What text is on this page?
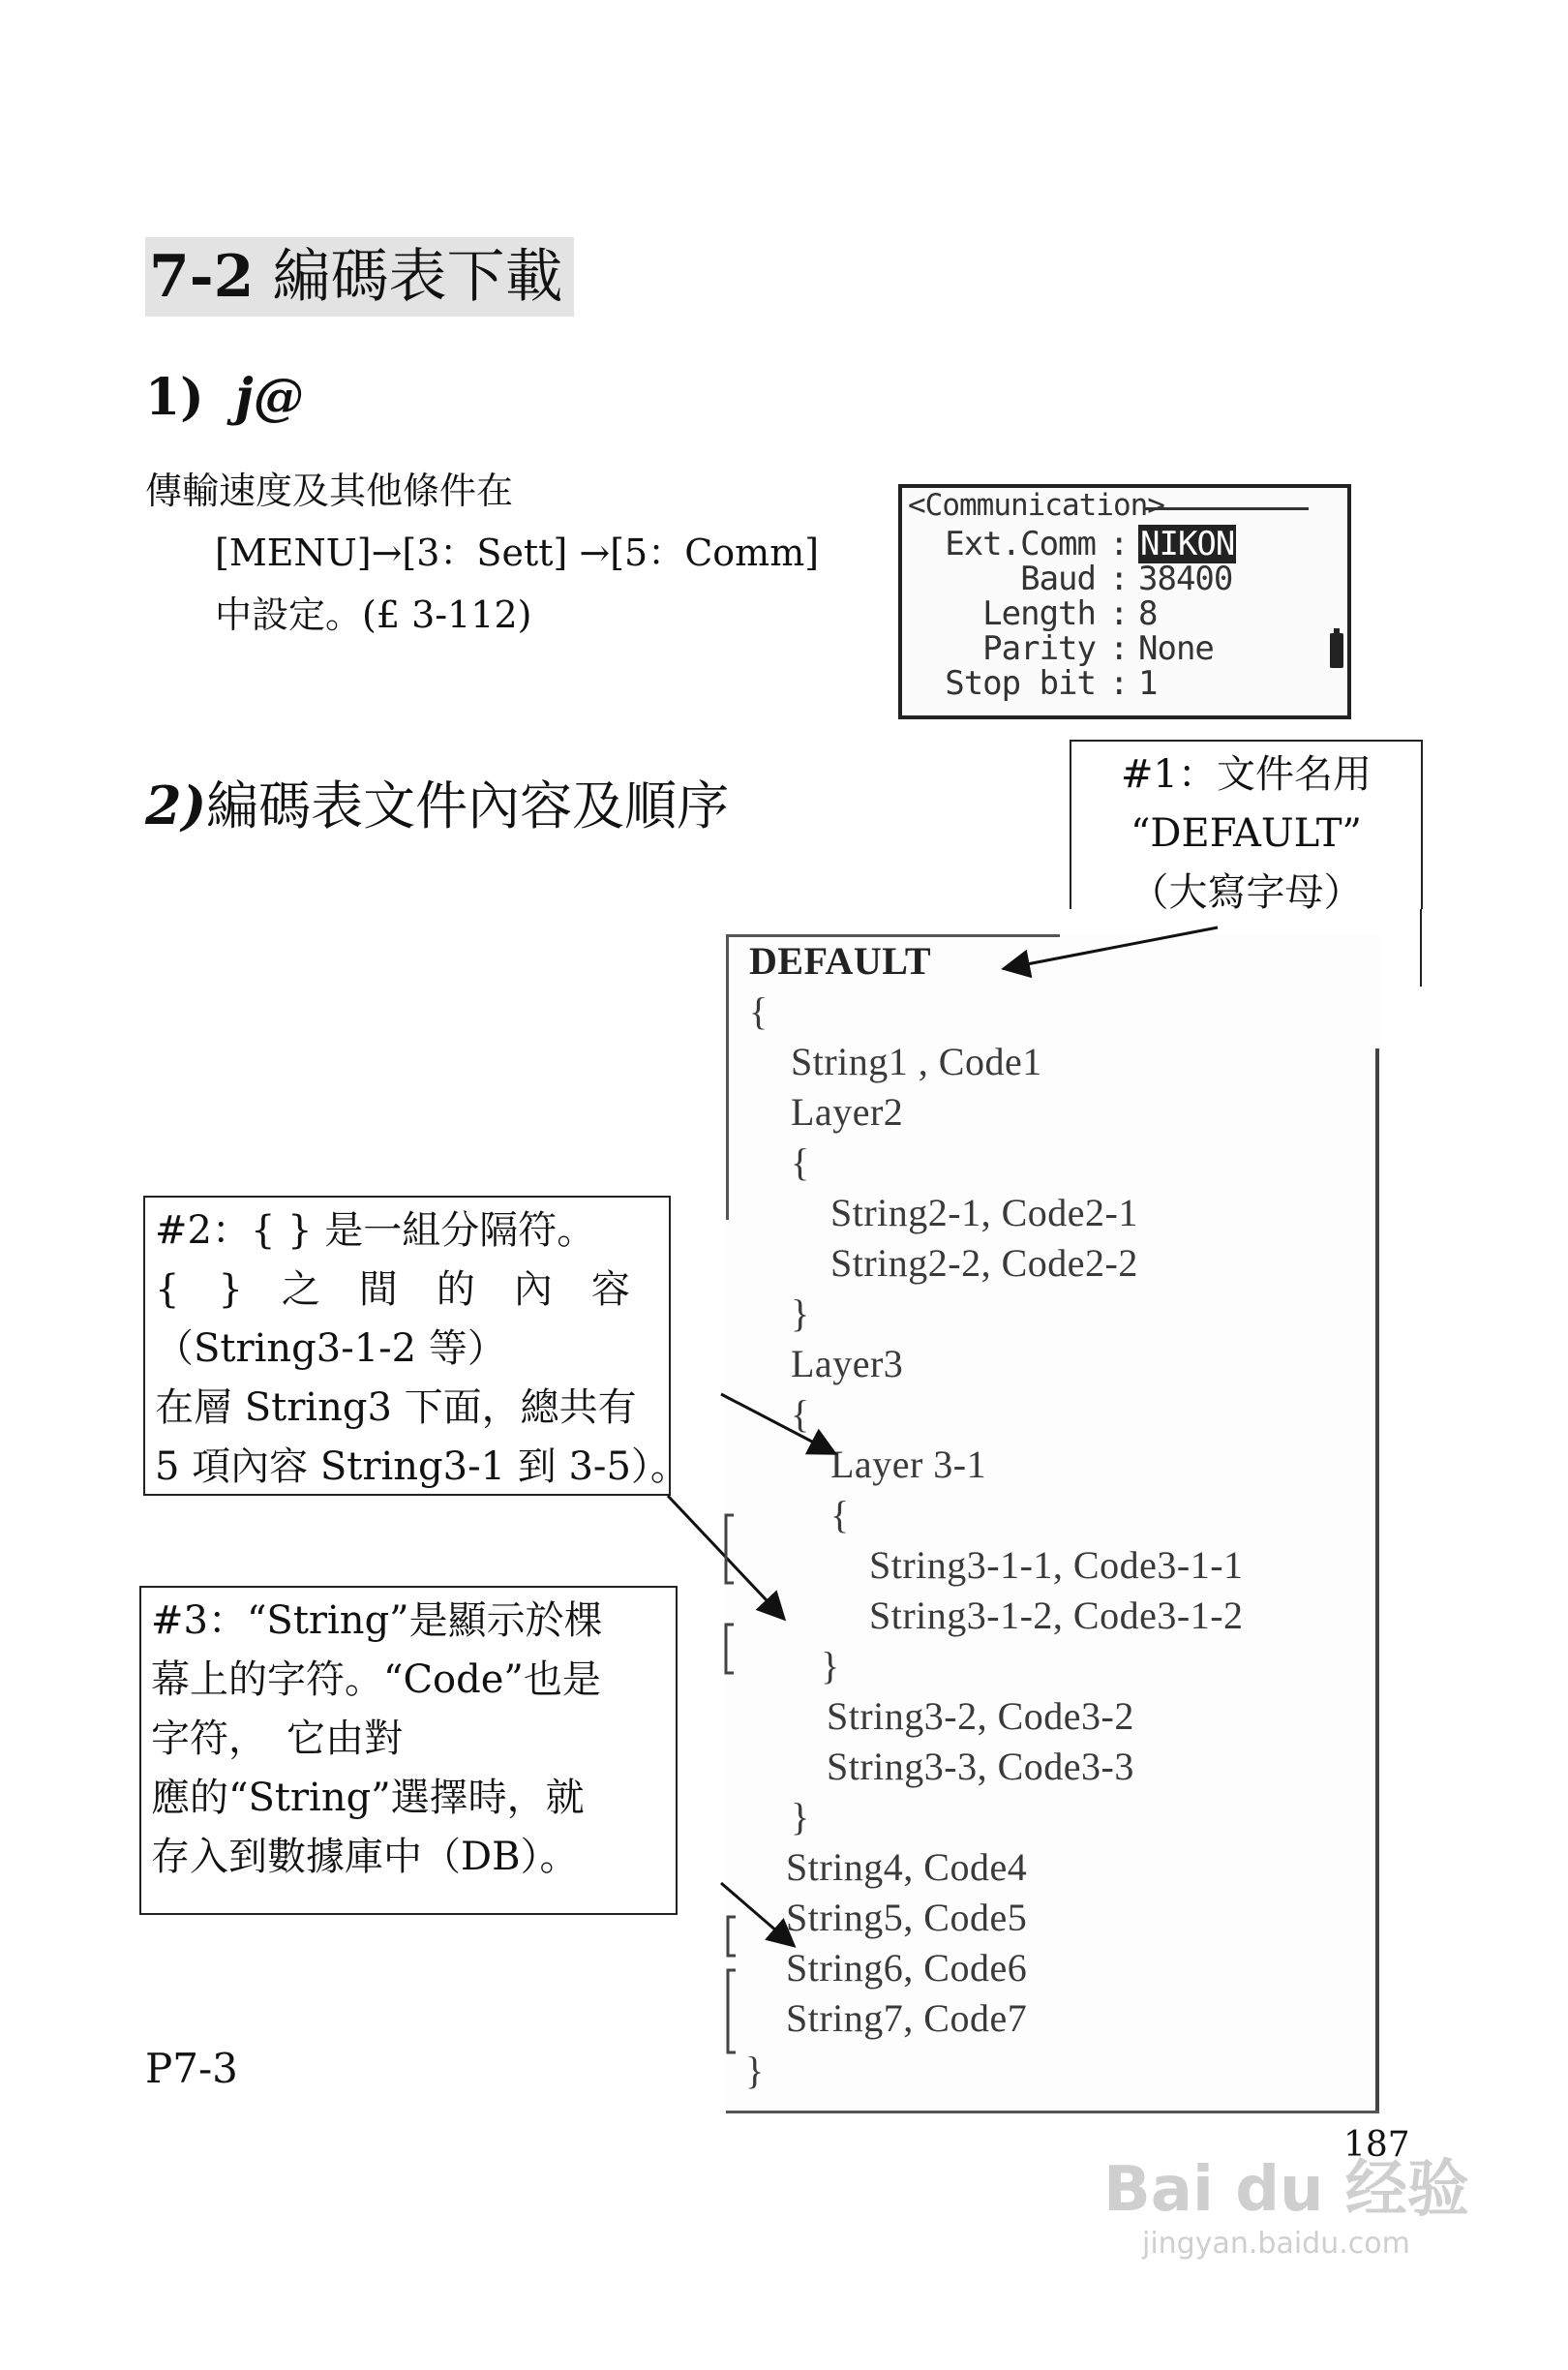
7-2 編碼表下載
1) j@
傳輸速度及其他條件在
[MENU]→[3：Sett] →[5：Comm]
中設定。(£ 3-112)
<Communication>
Ext.Comm : NIKON
Baud : 38400
Length : 8
Parity : None
Stop bit : 1
2)編碼表文件內容及順序
DEFAULT
{
String1 , Code1
Layer2
{
String2-1, Code2-1
String2-2, Code2-2
}
Layer3
{
Layer 3-1
{
String3-1-1, Code3-1-1
String3-1-2, Code3-1-2
}
String3-2, Code3-2
String3-3, Code3-3
}
String4, Code4
String5, Code5
String6, Code6
String7, Code7
}

#1：文件名用

“DEFAULT”

（大寫字母）

#2：{ } 是一組分隔符。

{　}　之　間　的　內　容

（String3-1-2 等）

在層 String3 下面，總共有

5 項內容 String3-1 到 3-5）。

#3：“String”是顯示於棵

幕上的字符。“Code”也是

字符，　它由對

應的“String”選擇時，就

存入到數據庫中（DB）。

P7-3
187
Bai du 经验
jingyan.baidu.com
